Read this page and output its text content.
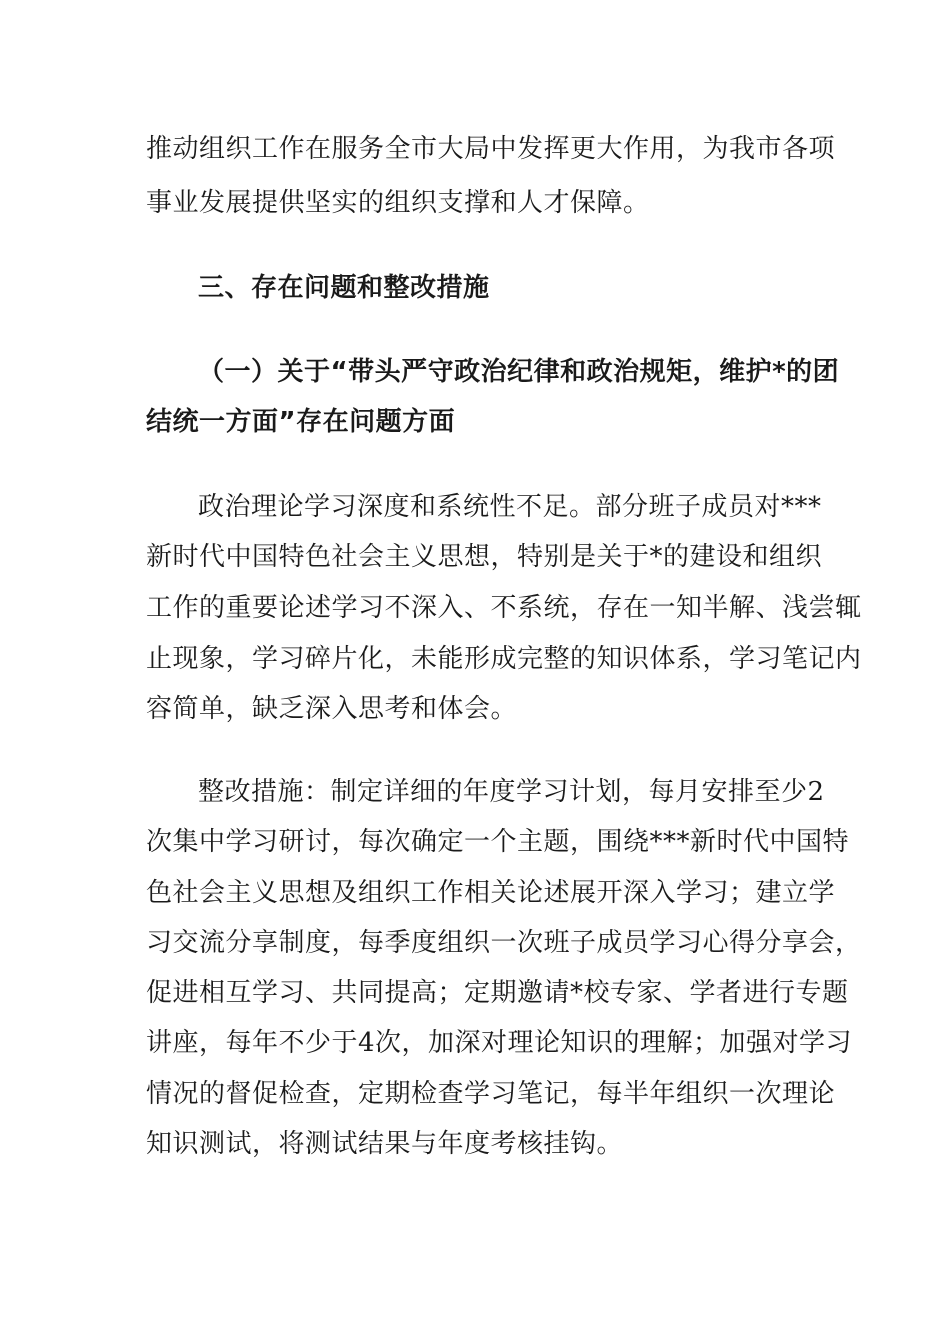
推动组织工作在服务全市大局中发挥更大作用，为我市各项
事业发展提供坚实的组织支撑和人才保障。
三、存在问题和整改措施
（一）关于“带头严守政治纪律和政治规矩，维护*的团
结统一方面”存在问题方面
政治理论学习深度和系统性不足。部分班子成员对***
新时代中国特色社会主义思想，特别是关于*的建设和组织
工作的重要论述学习不深入、不系统，存在一知半解、浅尝辄
止现象，学习碎片化，未能形成完整的知识体系，学习笔记内
容简单，缺乏深入思考和体会。
整改措施：制定详细的年度学习计划，每月安排至少2
次集中学习研讨，每次确定一个主题，围绕***新时代中国特
色社会主义思想及组织工作相关论述展开深入学习；建立学
习交流分享制度，每季度组织一次班子成员学习心得分享会，
促进相互学习、共同提高；定期邀请*校专家、学者进行专题
讲座，每年不少于4次，加深对理论知识的理解；加强对学习
情况的督促检查，定期检查学习笔记，每半年组织一次理论
知识测试，将测试结果与年度考核挂钩。
